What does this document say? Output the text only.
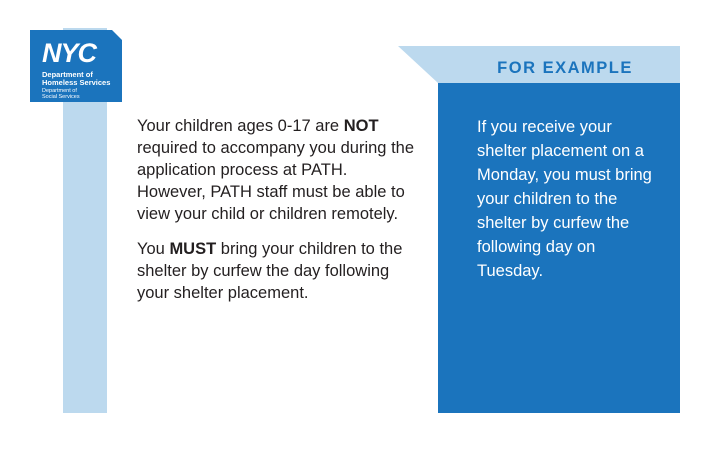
NYC
Department of
Homeless Services
Department of
Social Services

Your children ages 0-17 are NOT required to accompany you during the application process at PATH. However, PATH staff must be able to view your child or children remotely.

You MUST bring your children to the shelter by curfew the day following your shelter placement.

FOR EXAMPLE
If you receive your shelter placement on a Monday, you must bring your children to the shelter by curfew the following day on Tuesday.
